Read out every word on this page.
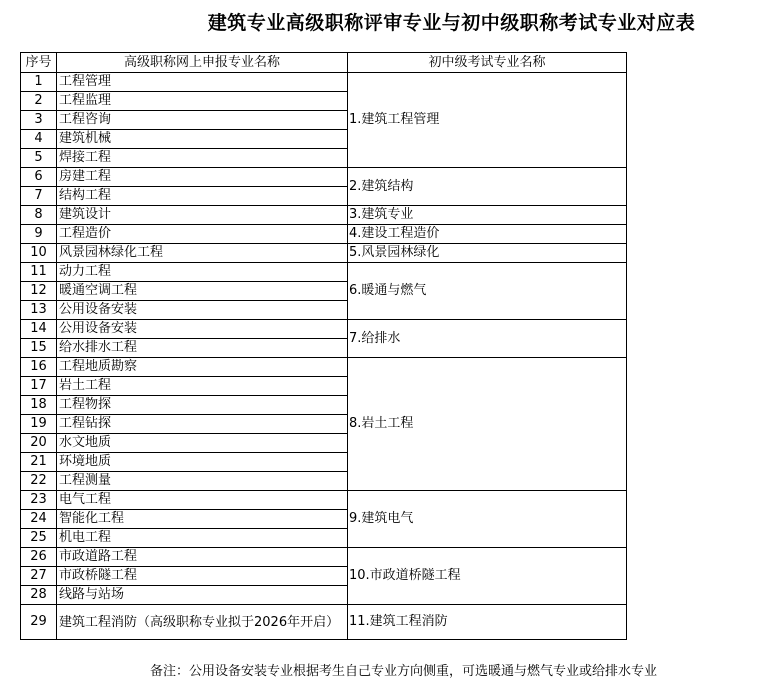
建筑专业高级职称评审专业与初中级职称考试专业对应表
序号	高级职称网上申报专业名称	初中级考试专业名称
1	工程管理	1.建筑工程管理
2	工程监理	
3	工程咨询	
4	建筑机械	
5	焊接工程	
6	房建工程	2.建筑结构
7	结构工程	
8	建筑设计	3.建筑专业
9	工程造价	4.建设工程造价
10	风景园林绿化工程	5.风景园林绿化
11	动力工程	6.暖通与燃气
12	暖通空调工程	
13	公用设备安装	
14	公用设备安装	7.给排水
15	给水排水工程	
16	工程地质勘察	8.岩土工程
17	岩土工程	
18	工程物探	
19	工程钻探	
20	水文地质	
21	环境地质	
22	工程测量	
23	电气工程	9.建筑电气
24	智能化工程	
25	机电工程	
26	市政道路工程	10.市政道桥隧工程
27	市政桥隧工程	
28	线路与站场	
29	建筑工程消防（高级职称专业拟于2026年开启）	11.建筑工程消防
备注：公用设备安装专业根据考生自己专业方向侧重，可选暖通与燃气专业或给排水专业
